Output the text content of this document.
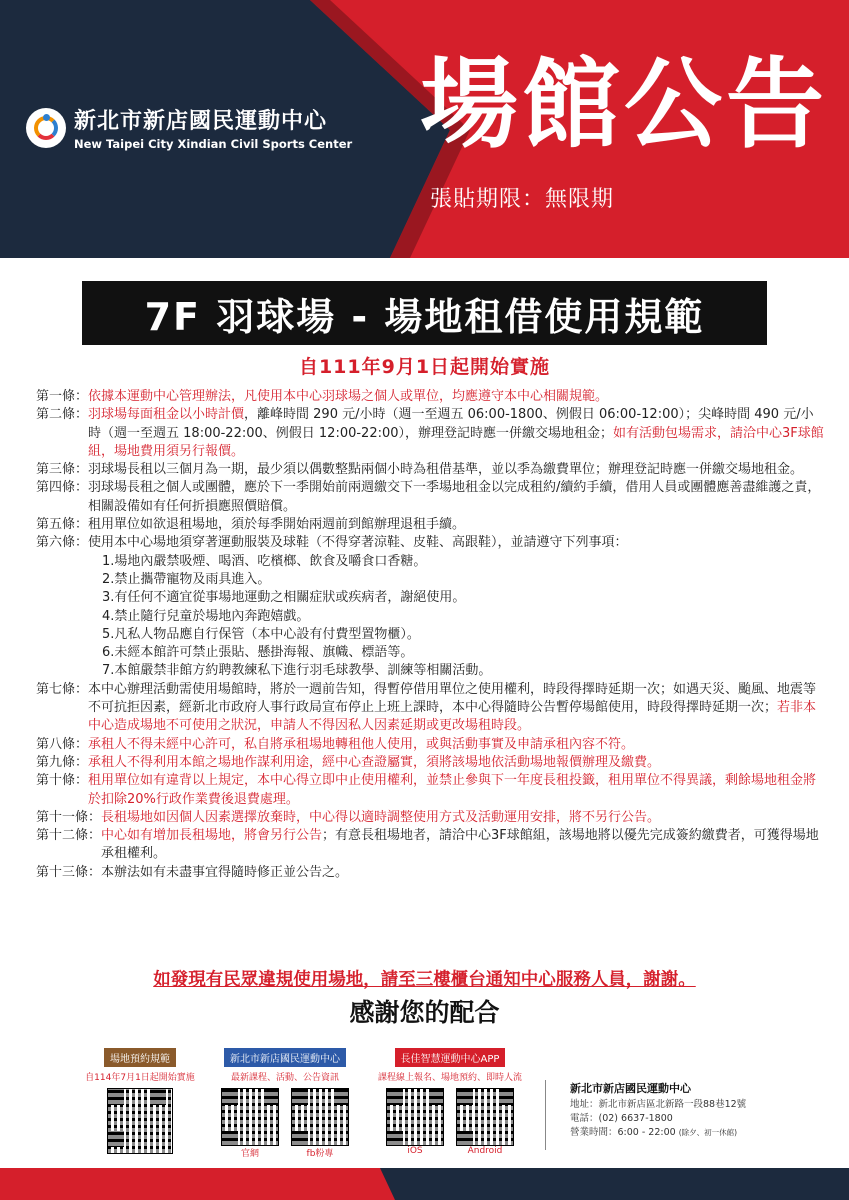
新北市新店國民運動中心
New Taipei City Xindian Civil Sports Center 場館公告
張貼期限：無限期
7F 羽球場 - 場地租借使用規範
自111年9月1日起開始實施
第一條： 依據本運動中心管理辦法，凡使用本中心羽球場之個人或單位，均應遵守本中心相關規範。
第二條： 羽球場每面租金以小時計價，離峰時間 290 元/小時（週一至週五 06:00-1800、例假日 06:00-12:00）；尖峰時間 490 元/小時（週一至週五 18:00-22:00、例假日 12:00-22:00），辦理登記時應一併繳交場地租金；如有活動包場需求，請洽中心3F球館組，場地費用須另行報價。
第三條： 羽球場長租以三個月為一期，最少須以偶數整點兩個小時為租借基準，並以季為繳費單位；辦理登記時應一併繳交場地租金。
第四條： 羽球場長租之個人或團體，應於下一季開始前兩週繳交下一季場地租金以完成租約/續約手續，借用人員或團體應善盡維護之責，相關設備如有任何折損應照價賠償。
第五條： 租用單位如欲退租場地，須於每季開始兩週前到館辦理退租手續。
第六條： 使用本中心場地須穿著運動服裝及球鞋（不得穿著涼鞋、皮鞋、高跟鞋），並請遵守下列事項：
1.場地內嚴禁吸煙、喝酒、吃檳榔、飲食及嚼食口香糖。
2.禁止攜帶寵物及雨具進入。
3.有任何不適宜從事場地運動之相關症狀或疾病者，謝絕使用。
4.禁止隨行兒童於場地內奔跑嬉戲。
5.凡私人物品應自行保管（本中心設有付費型置物櫃）。
6.未經本館許可禁止張貼、懸掛海報、旗幟、標語等。
7.本館嚴禁非館方約聘教練私下進行羽毛球教學、訓練等相關活動。
第七條： 本中心辦理活動需使用場館時，將於一週前告知，得暫停借用單位之使用權利，時段得擇時延期一次；如遇天災、颱風、地震等不可抗拒因素，經新北市政府人事行政局宣布停止上班上課時，本中心得隨時公告暫停場館使用，時段得擇時延期一次；若非本中心造成場地不可使用之狀況，申請人不得因私人因素延期或更改場租時段。
第八條： 承租人不得未經中心許可，私自將承租場地轉租他人使用，或與活動事實及申請承租內容不符。
第九條： 承租人不得利用本館之場地作謀利用途，經中心查證屬實，須將該場地依活動場地報價辦理及繳費。
第十條： 租用單位如有違背以上規定，本中心得立即中止使用權利，並禁止參與下一年度長租投籤，租用單位不得異議，剩餘場地租金將於扣除20%行政作業費後退費處理。
第十一條： 長租場地如因個人因素選擇放棄時，中心得以適時調整使用方式及活動運用安排，將不另行公告。
第十二條： 中心如有增加長租場地，將會另行公告；有意長租場地者，請洽中心3F球館組，該場地將以優先完成簽約繳費者，可獲得場地承租權利。
第十三條： 本辦法如有未盡事宜得隨時修正並公告之。
如發現有民眾違規使用場地，請至三樓櫃台通知中心服務人員，謝謝。
感謝您的配合
場地預約規範
自114年7月1日起開始實施
新北市新店國民運動中心
最新課程、活動、公告資訊
官網	fb粉專
長佳智慧運動中心APP
課程線上報名、場地預約、即時人流
iOS	Android
新北市新店國民運動中心
地址：新北市新店區北新路一段88巷12號
電話：(02) 6637-1800
營業時間：6:00 - 22:00 (除夕、初一休館)
